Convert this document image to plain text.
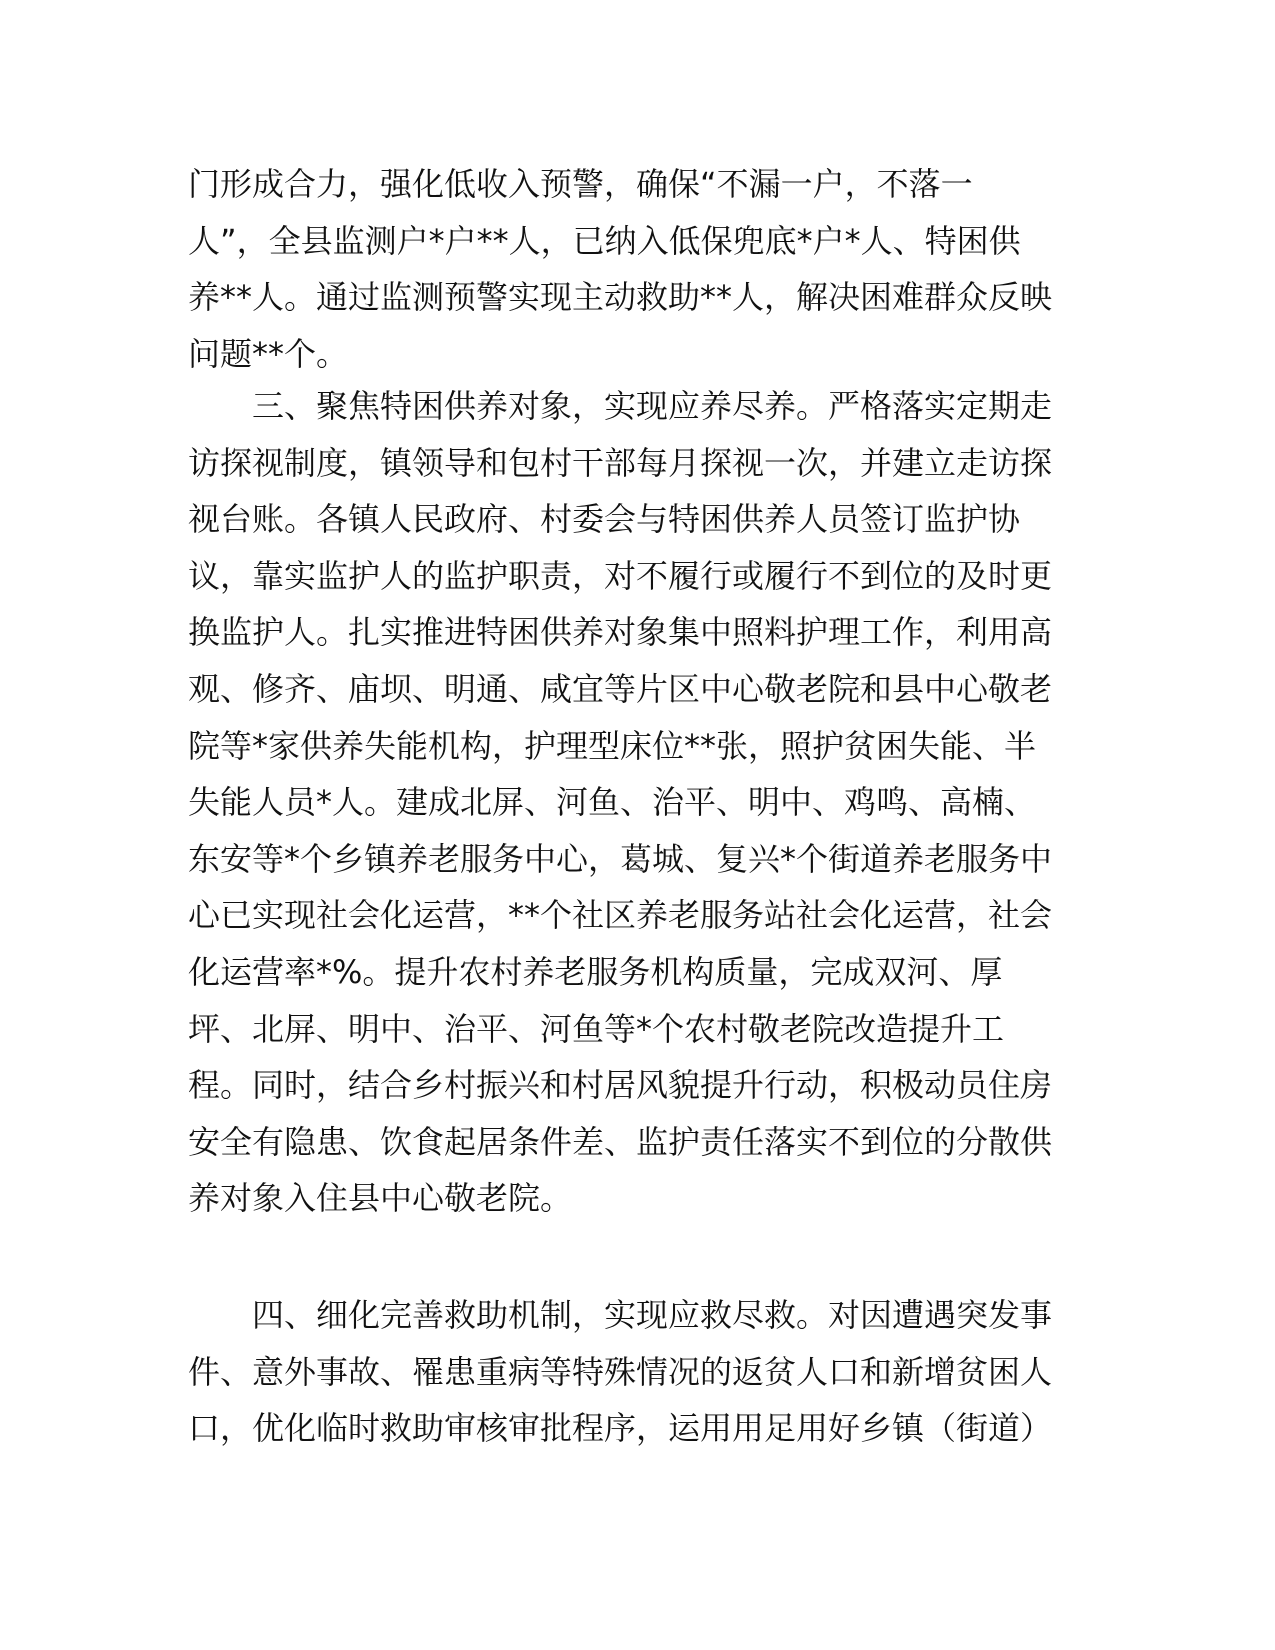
门形成合力，强化低收入预警，确保“不漏一户，不落一
人”，全县监测户*户**人，已纳入低保兜底*户*人、特困供
养**人。通过监测预警实现主动救助**人，解决困难群众反映
问题**个。
　　三、聚焦特困供养对象，实现应养尽养。严格落实定期走
访探视制度，镇领导和包村干部每月探视一次，并建立走访探
视台账。各镇人民政府、村委会与特困供养人员签订监护协
议，靠实监护人的监护职责，对不履行或履行不到位的及时更
换监护人。扎实推进特困供养对象集中照料护理工作，利用高
观、修齐、庙坝、明通、咸宜等片区中心敬老院和县中心敬老
院等*家供养失能机构，护理型床位**张，照护贫困失能、半
失能人员*人。建成北屏、河鱼、治平、明中、鸡鸣、高楠、
东安等*个乡镇养老服务中心，葛城、复兴*个街道养老服务中
心已实现社会化运营，**个社区养老服务站社会化运营，社会
化运营率*%。提升农村养老服务机构质量，完成双河、厚
坪、北屏、明中、治平、河鱼等*个农村敬老院改造提升工
程。同时，结合乡村振兴和村居风貌提升行动，积极动员住房
安全有隐患、饮食起居条件差、监护责任落实不到位的分散供
养对象入住县中心敬老院。
　　四、细化完善救助机制，实现应救尽救。对因遭遇突发事
件、意外事故、罹患重病等特殊情况的返贫人口和新增贫困人
口，优化临时救助审核审批程序，运用用足用好乡镇（街道）
